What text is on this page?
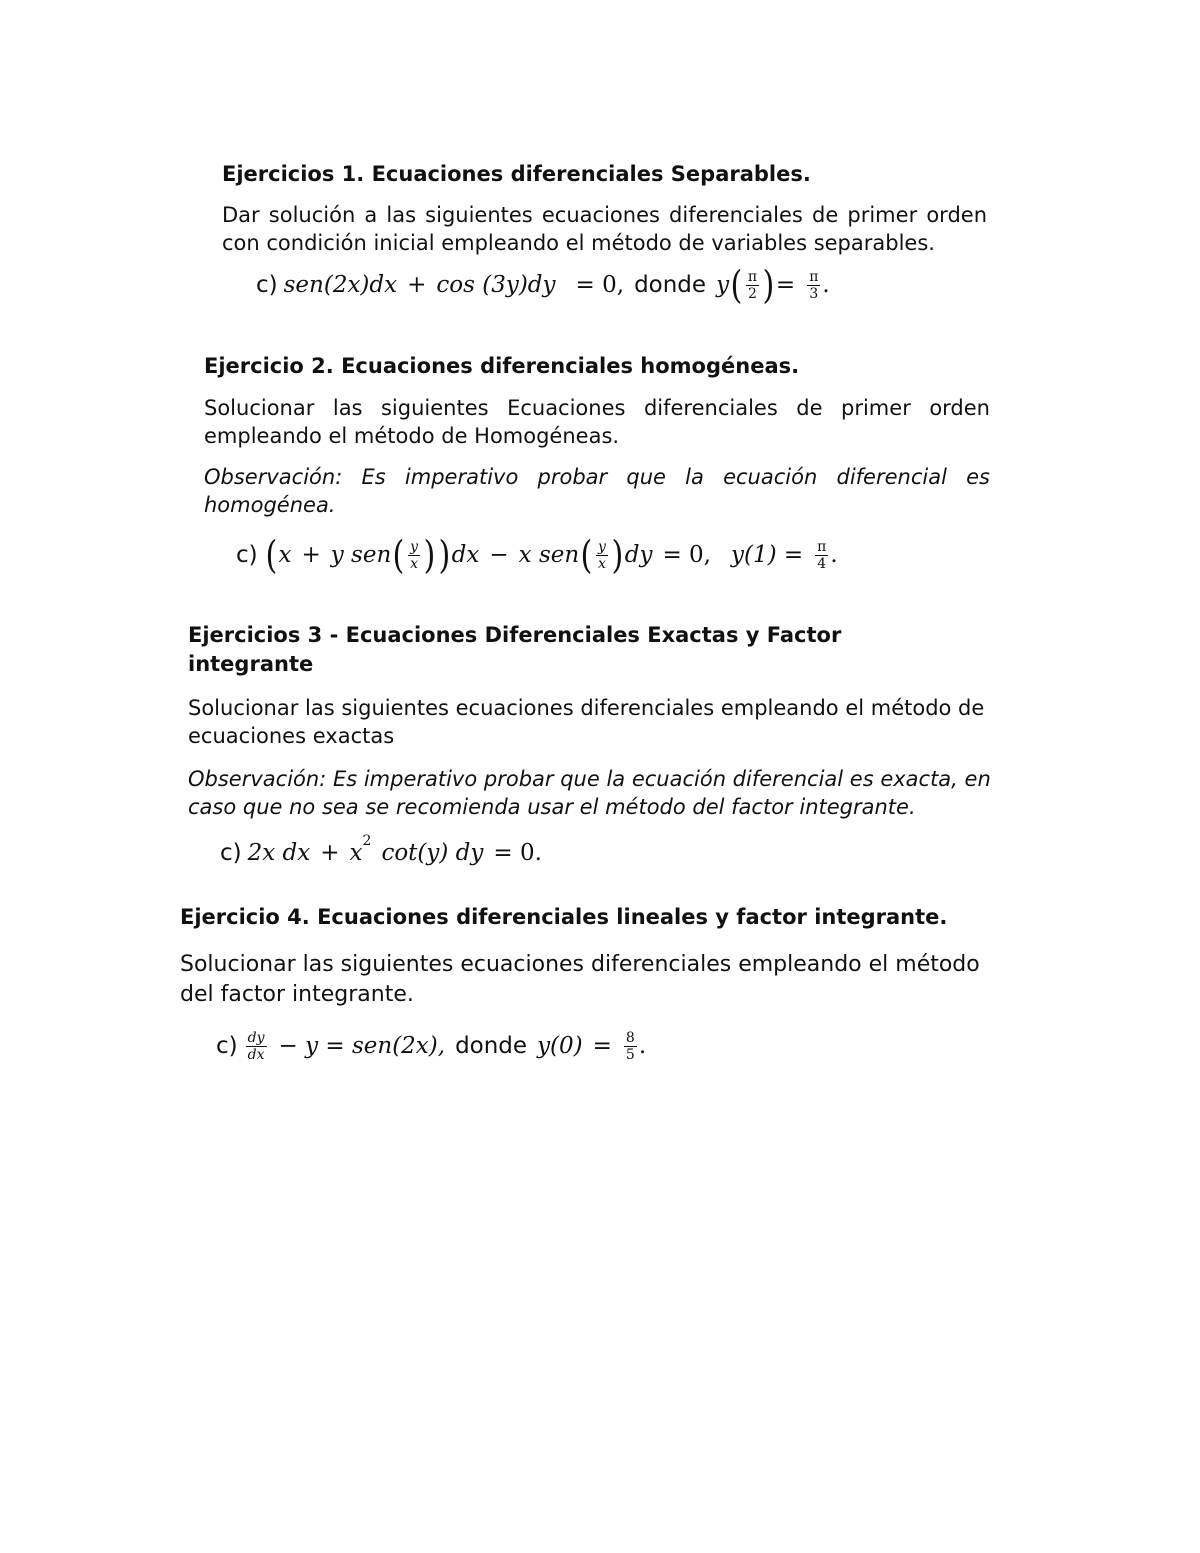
Ejercicios 1. Ecuaciones diferenciales Separables.

Dar solución a las siguientes ecuaciones diferenciales de primer orden con condición inicial empleando el método de variables separables.

c) sen(2x)dx + cos (3y)dy = 0, donde y ( $\frac{\pi}{2}$ ) = $\frac{\pi}{3}$ .
Ejercicio 2. Ecuaciones diferenciales homogéneas.

Solucionar las siguientes Ecuaciones diferenciales de primer orden empleando el método de Homogéneas.

Observación: Es imperativo probar que la ecuación diferencial es homogénea.

c) ( x + y sen ( $\frac{y}{x}$ ) ) dx − x sen ( $\frac{y}{x}$ ) dy = 0, $y(1) = \frac{\pi}{4}$ .
Ejercicios 3 - Ecuaciones Diferenciales Exactas y Factor integrante

Solucionar las siguientes ecuaciones diferenciales empleando el método de ecuaciones exactas

Observación: Es imperativo probar que la ecuación diferencial es exacta, en caso que no sea se recomienda usar el método del factor integrante.

c) 2x dx + x 2 cot(y) dy = 0.
Ejercicio 4. Ecuaciones diferenciales lineales y factor integrante.

Solucionar las siguientes ecuaciones diferenciales empleando el método del factor integrante.

$c) \frac{dy}{dx} - y = sen(2x)$, donde $y(0) = \frac{8}{5}$ .
